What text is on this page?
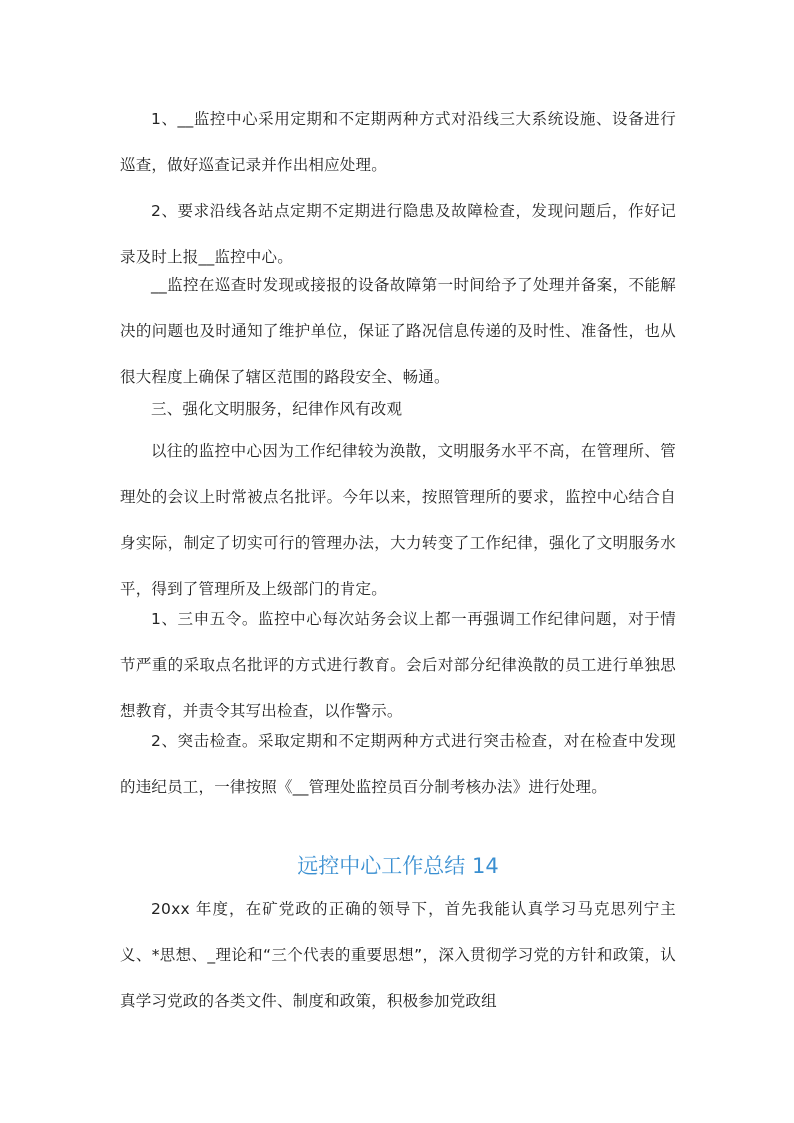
1、__监控中心采用定期和不定期两种方式对沿线三大系统设施、设备进行巡查，做好巡查记录并作出相应处理。

2、要求沿线各站点定期不定期进行隐患及故障检查，发现问题后，作好记录及时上报__监控中心。

__监控在巡查时发现或接报的设备故障第一时间给予了处理并备案，不能解决的问题也及时通知了维护单位，保证了路况信息传递的及时性、准备性，也从很大程度上确保了辖区范围的路段安全、畅通。

三、强化文明服务，纪律作风有改观

以往的监控中心因为工作纪律较为涣散，文明服务水平不高，在管理所、管理处的会议上时常被点名批评。今年以来，按照管理所的要求，监控中心结合自身实际，制定了切实可行的管理办法，大力转变了工作纪律，强化了文明服务水平，得到了管理所及上级部门的肯定。

1、三申五令。监控中心每次站务会议上都一再强调工作纪律问题，对于情节严重的采取点名批评的方式进行教育。会后对部分纪律涣散的员工进行单独思想教育，并责令其写出检查，以作警示。

2、突击检查。采取定期和不定期两种方式进行突击检查，对在检查中发现的违纪员工，一律按照《__管理处监控员百分制考核办法》进行处理。

远控中心工作总结 14

20xx 年度，在矿党政的正确的领导下，首先我能认真学习马克思列宁主义、*思想、_理论和“三个代表的重要思想”，深入贯彻学习党的方针和政策，认真学习党政的各类文件、制度和政策，积极参加党政组
